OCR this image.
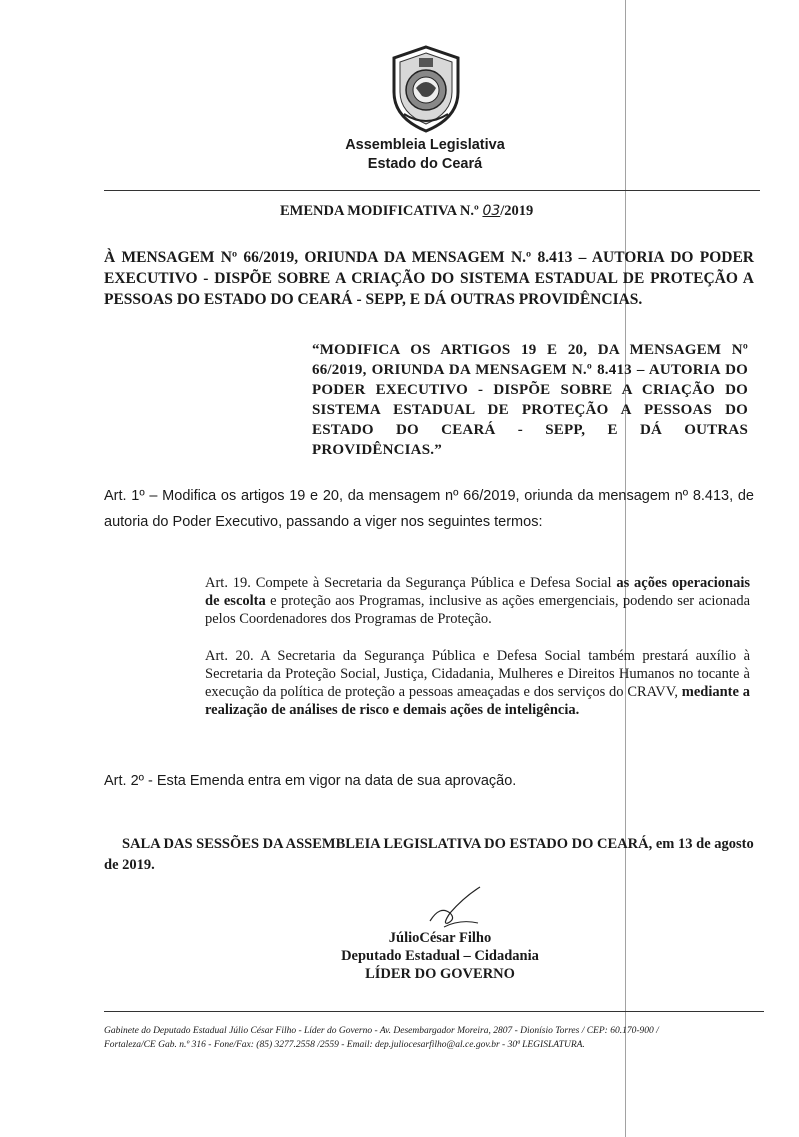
Assembleia Legislativa
Estado do Ceará
EMENDA MODIFICATIVA N.º 03/2019
À MENSAGEM Nº 66/2019, ORIUNDA DA MENSAGEM N.º 8.413 – AUTORIA DO PODER EXECUTIVO - DISPÕE SOBRE A CRIAÇÃO DO SISTEMA ESTADUAL DE PROTEÇÃO A PESSOAS DO ESTADO DO CEARÁ - SEPP, E DÁ OUTRAS PROVIDÊNCIAS.
“MODIFICA OS ARTIGOS 19 E 20, DA MENSAGEM Nº 66/2019, ORIUNDA DA MENSAGEM N.º 8.413 – AUTORIA DO PODER EXECUTIVO - DISPÕE SOBRE A CRIAÇÃO DO SISTEMA ESTADUAL DE PROTEÇÃO A PESSOAS DO ESTADO DO CEARÁ - SEPP, E DÁ OUTRAS PROVIDÊNCIAS.”
Art. 1º – Modifica os artigos 19 e 20, da mensagem nº 66/2019, oriunda da mensagem nº 8.413, de autoria do Poder Executivo, passando a viger nos seguintes termos:
Art. 19. Compete à Secretaria da Segurança Pública e Defesa Social as ações operacionais de escolta e proteção aos Programas, inclusive as ações emergenciais, podendo ser acionada pelos Coordenadores dos Programas de Proteção.
Art. 20. A Secretaria da Segurança Pública e Defesa Social também prestará auxílio à Secretaria da Proteção Social, Justiça, Cidadania, Mulheres e Direitos Humanos no tocante à execução da política de proteção a pessoas ameaçadas e dos serviços do CRAVV, mediante a realização de análises de risco e demais ações de inteligência.
Art. 2º - Esta Emenda entra em vigor na data de sua aprovação.
SALA DAS SESSÕES DA ASSEMBLEIA LEGISLATIVA DO ESTADO DO CEARÁ, em 13 de agosto de 2019.
JúlioCésar Filho
Deputado Estadual – Cidadania
LÍDER DO GOVERNO
Gabinete do Deputado Estadual Júlio César Filho - Líder do Governo - Av. Desembargador Moreira, 2807 - Dionísio Torres / CEP: 60.170-900 /
Fortaleza/CE Gab. n.º 316 - Fone/Fax: (85) 3277.2558 /2559 - Email: dep.juliocesarfilho@al.ce.gov.br - 30ª LEGISLATURA.
